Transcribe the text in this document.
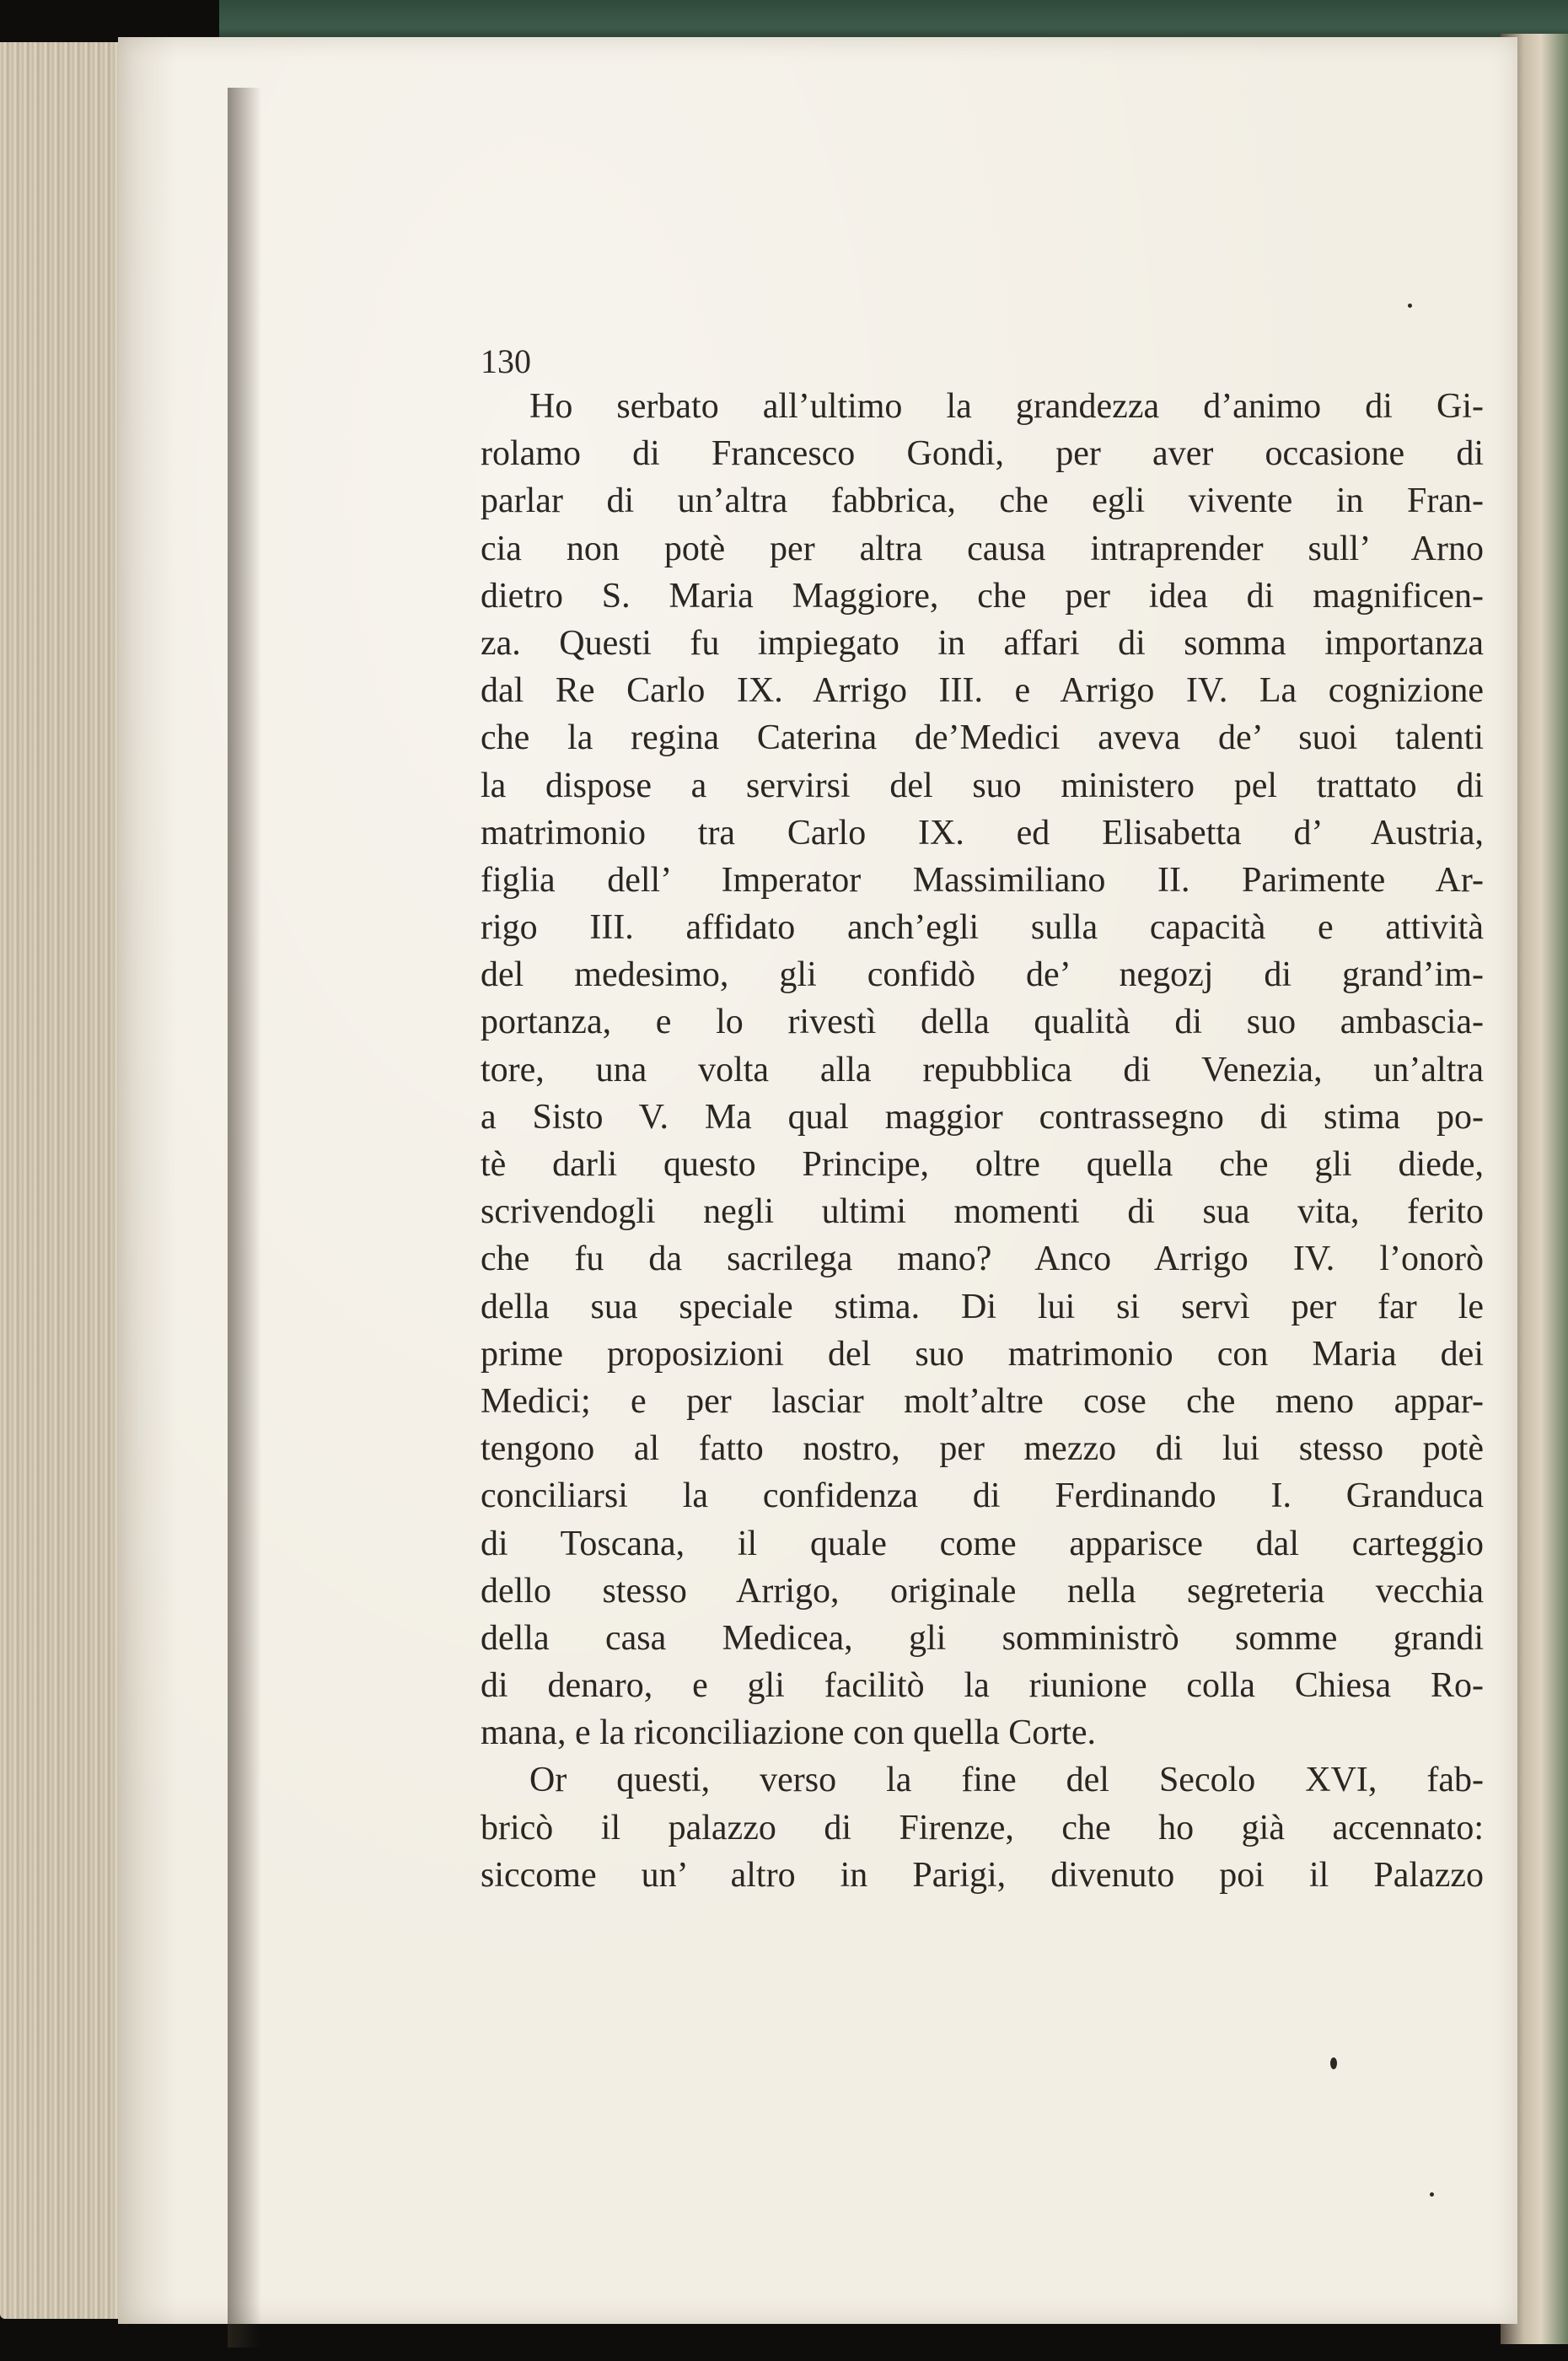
130
Ho serbato all’ultimo la grandezza d’animo di Gi-
rolamo di Francesco Gondi, per aver occasione di
parlar di un’altra fabbrica, che egli vivente in Fran-
cia non potè per altra causa intraprender sull’ Arno
dietro S. Maria Maggiore, che per idea di magnificen-
za. Questi fu impiegato in affari di somma importanza
dal Re Carlo IX. Arrigo III. e Arrigo IV. La cognizione
che la regina Caterina de’Medici aveva de’ suoi talenti
la dispose a servirsi del suo ministero pel trattato di
matrimonio tra Carlo IX. ed Elisabetta d’ Austria,
figlia dell’ Imperator Massimiliano II. Parimente Ar-
rigo III. affidato anch’egli sulla capacità e attività
del medesimo, gli confidò de’ negozj di grand’im-
portanza, e lo rivestì della qualità di suo ambascia-
tore, una volta alla repubblica di Venezia, un’altra
a Sisto V. Ma qual maggior contrassegno di stima po-
tè darli questo Principe, oltre quella che gli diede,
scrivendogli negli ultimi momenti di sua vita, ferito
che fu da sacrilega mano? Anco Arrigo IV. l’onorò
della sua speciale stima. Di lui si servì per far le
prime proposizioni del suo matrimonio con Maria dei
Medici; e per lasciar molt’altre cose che meno appar-
tengono al fatto nostro, per mezzo di lui stesso potè
conciliarsi la confidenza di Ferdinando I. Granduca
di Toscana, il quale come apparisce dal carteggio
dello stesso Arrigo, originale nella segreteria vecchia
della casa Medicea, gli somministrò somme grandi
di denaro, e gli facilitò la riunione colla Chiesa Ro-
mana, e la riconciliazione con quella Corte.
Or questi, verso la fine del Secolo XVI, fab-
bricò il palazzo di Firenze, che ho già accennato:
siccome un’ altro in Parigi, divenuto poi il Palazzo
